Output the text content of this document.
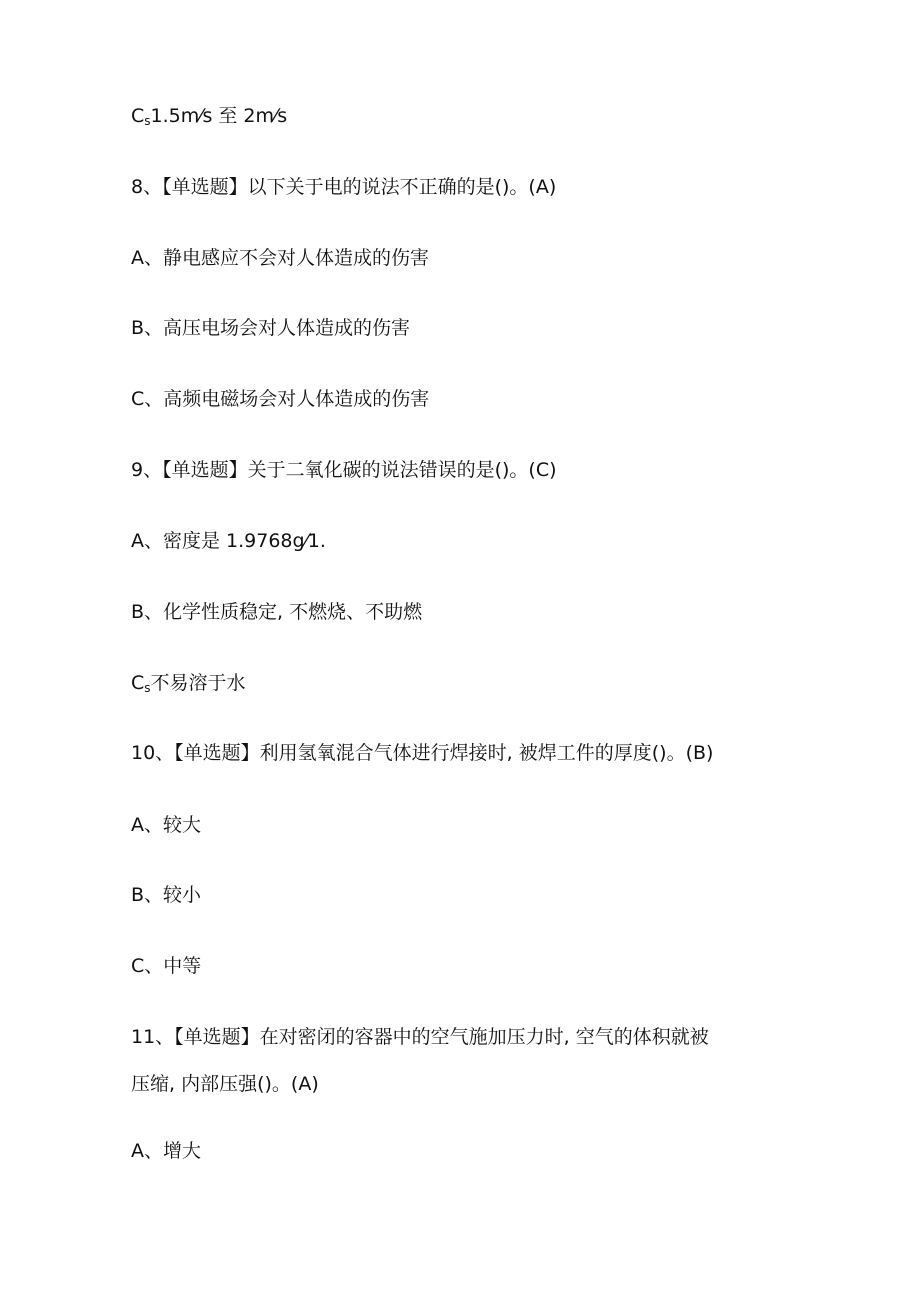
$C_s1.5m⁄s$ 至 2m⁄s
8、【单选题】以下关于电的说法不正确的是()。(A)
A、静电感应不会对人体造成的伤害
B、高压电场会对人体造成的伤害
C、高频电磁场会对人体造成的伤害
9、【单选题】关于二氧化碳的说法错误的是()。(C)
A、密度是 1.9768g⁄1.
B、化学性质稳定, 不燃烧、不助燃
$C_s$不易溶于水
10、【单选题】利用氢氧混合气体进行焊接时, 被焊工件的厚度()。(B)
A、较大
B、较小
C、中等
11、【单选题】在对密闭的容器中的空气施加压力时, 空气的体积就被
压缩, 内部压强()。(A)
A、增大
